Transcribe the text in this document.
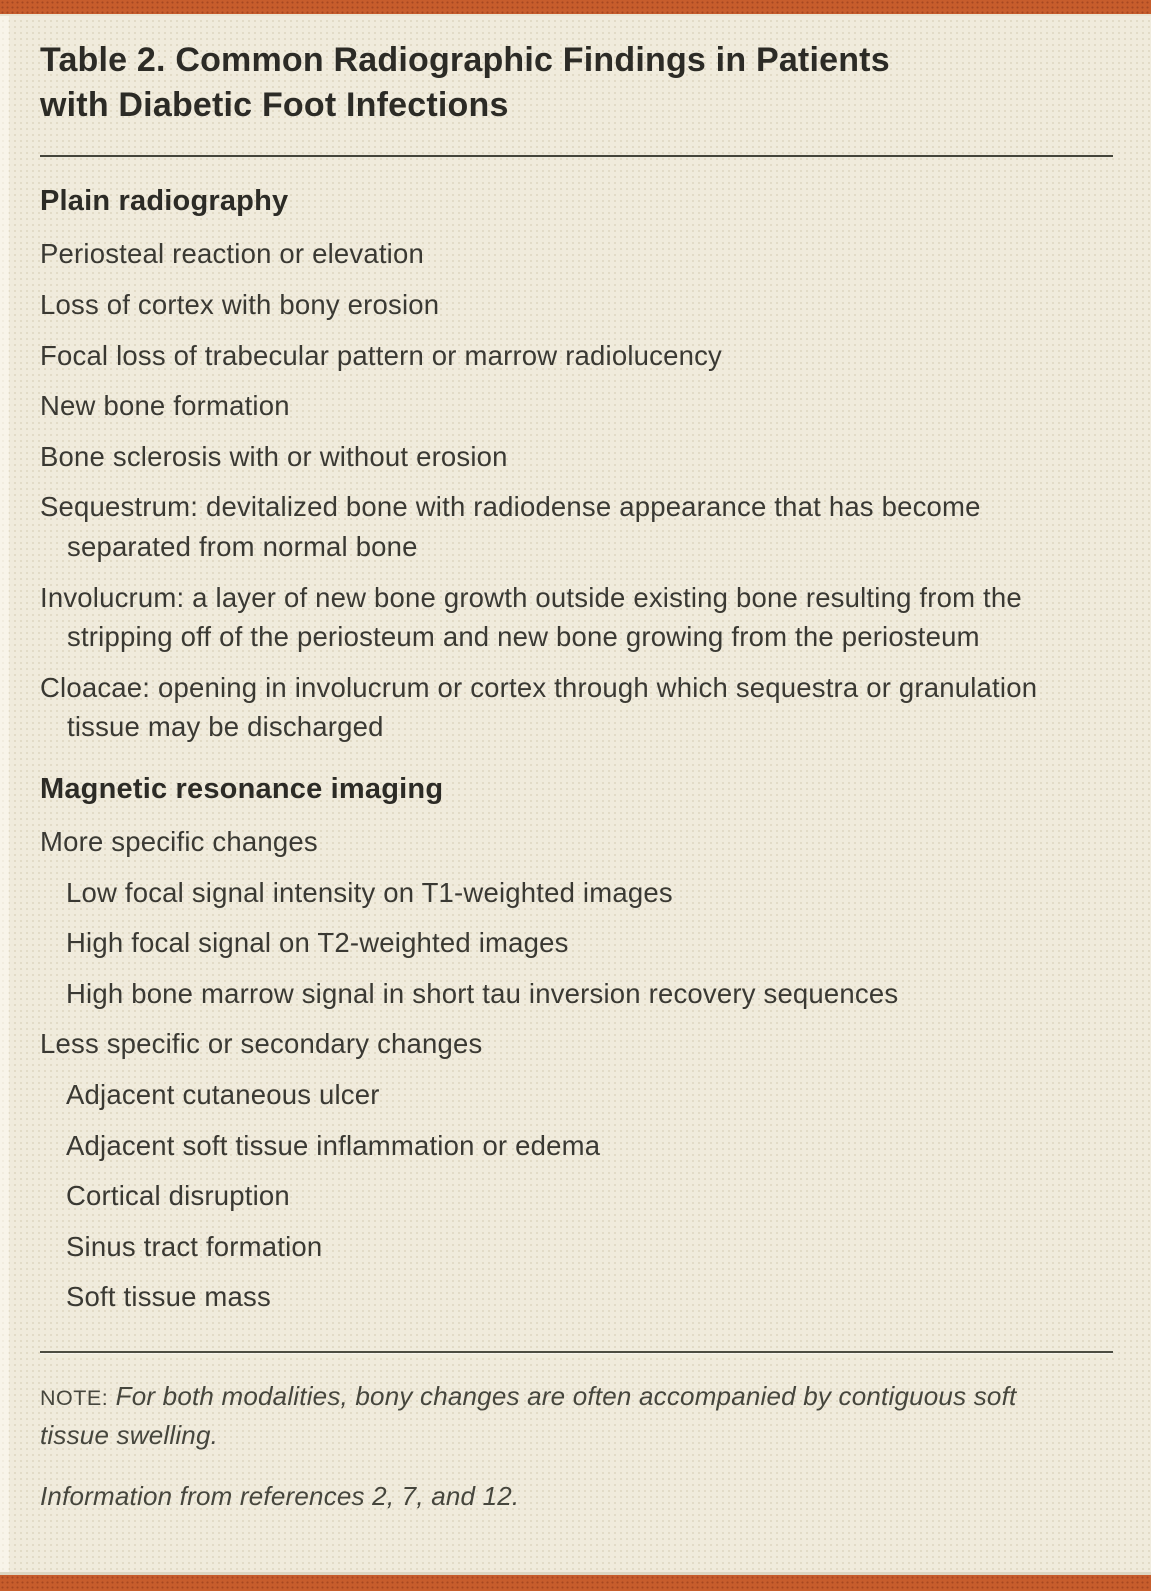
Table 2. Common Radiographic Findings in Patients
with Diabetic Foot Infections
Plain radiography

Periosteal reaction or elevation

Loss of cortex with bony erosion

Focal loss of trabecular pattern or marrow radiolucency

New bone formation

Bone sclerosis with or without erosion

Sequestrum: devitalized bone with radiodense appearance that has become separated from normal bone

Involucrum: a layer of new bone growth outside existing bone resulting from the stripping off of the periosteum and new bone growing from the periosteum

Cloacae: opening in involucrum or cortex through which sequestra or granulation tissue may be discharged

Magnetic resonance imaging

More specific changes

Low focal signal intensity on T1-weighted images

High focal signal on T2-weighted images

High bone marrow signal in short tau inversion recovery sequences

Less specific or secondary changes

Adjacent cutaneous ulcer

Adjacent soft tissue inflammation or edema

Cortical disruption

Sinus tract formation

Soft tissue mass

NOTE: For both modalities, bony changes are often accompanied by contiguous soft tissue swelling.

Information from references 2, 7, and 12.
